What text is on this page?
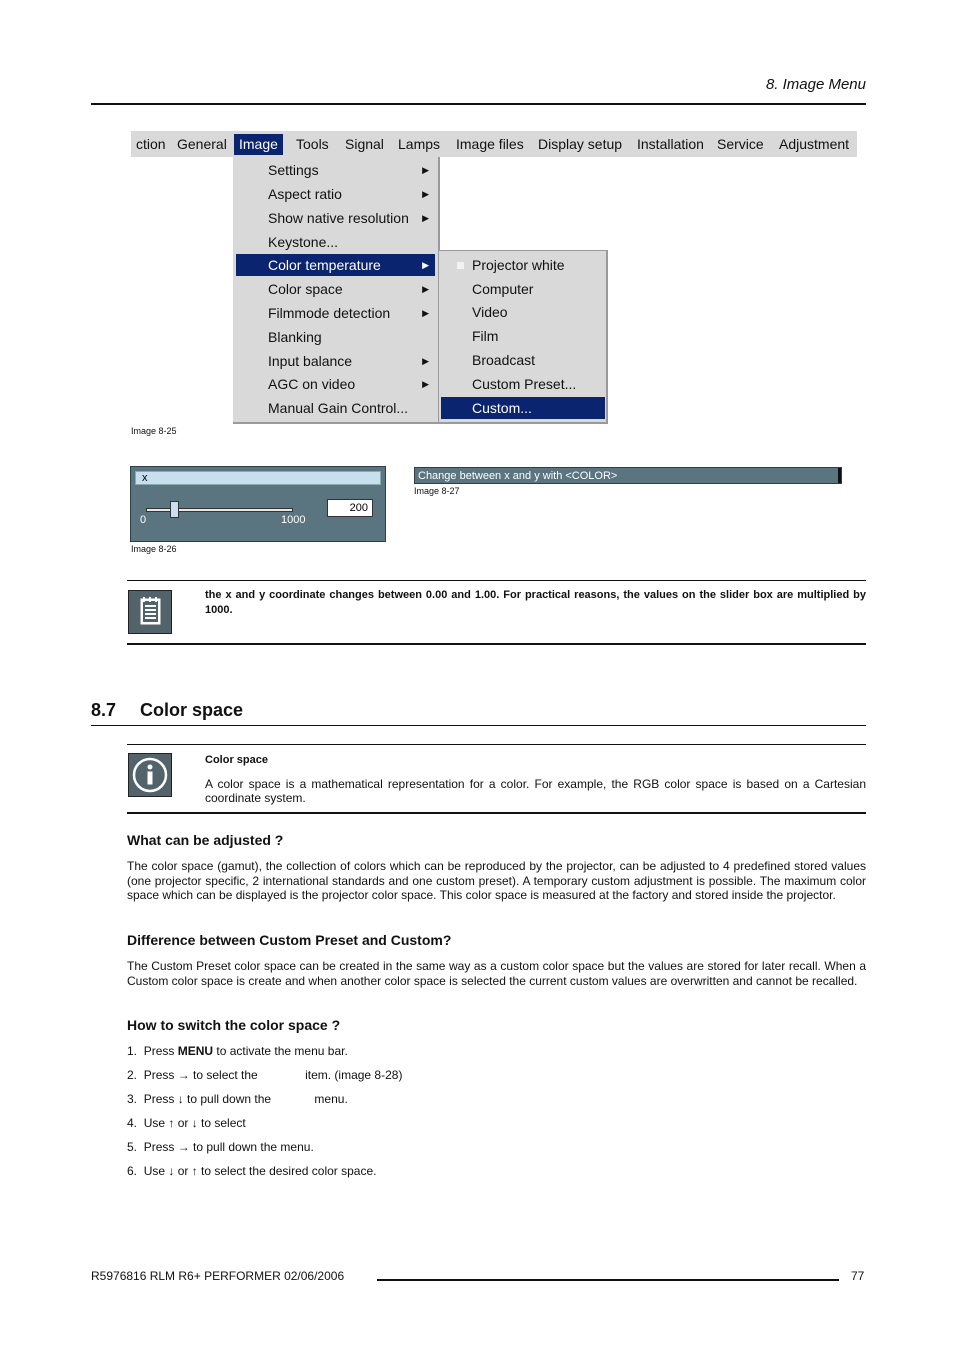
8. Image Menu
ction General Image	Tools	Signal	Lamps	Image files	Display setup	Installation Service	Adjustment
Settings	▶
Aspect ratio	▶
Show native resolution ▶
Keystone...
Color temperature	▶
Color space	▶
Filmmode detection	▶
Blanking
Input balance	▶
AGC on video	▶
Manual Gain Control...
Projector white
Computer
Video
Film
Broadcast
Custom Preset...
Custom...
Image 8-25
x
0	1000
200
Image 8-26
Change between x and y with <COLOR>
Image 8-27
the x and y coordinate changes between 0.00 and 1.00. For practical reasons, the values on the slider box are multiplied by 1000.
8.7 Color space
Color space
A color space is a mathematical representation for a color. For example, the RGB color space is based on a Cartesian coordinate system.
What can be adjusted ?
The color space (gamut), the collection of colors which can be reproduced by the projector, can be adjusted to 4 predefined stored values (one projector specific, 2 international standards and one custom preset). A temporary custom adjustment is possible. The maximum color space which can be displayed is the projector color space. This color space is measured at the factory and stored inside the projector.
Difference between Custom Preset and Custom?
The Custom Preset color space can be created in the same way as a custom color space but the values are stored for later recall. When a Custom color space is create and when another color space is selected the current custom values are overwritten and cannot be recalled.
How to switch the color space ?
1. Press MENU to activate the menu bar.
2. Press → to select the	item. (image 8-28)
3. Press ↓ to pull down the	menu.
4. Use ↑ or ↓ to select
5. Press → to pull down the menu.
6. Use ↓ or ↑ to select the desired color space.
R5976816 RLM R6+ PERFORMER 02/06/2006	77
